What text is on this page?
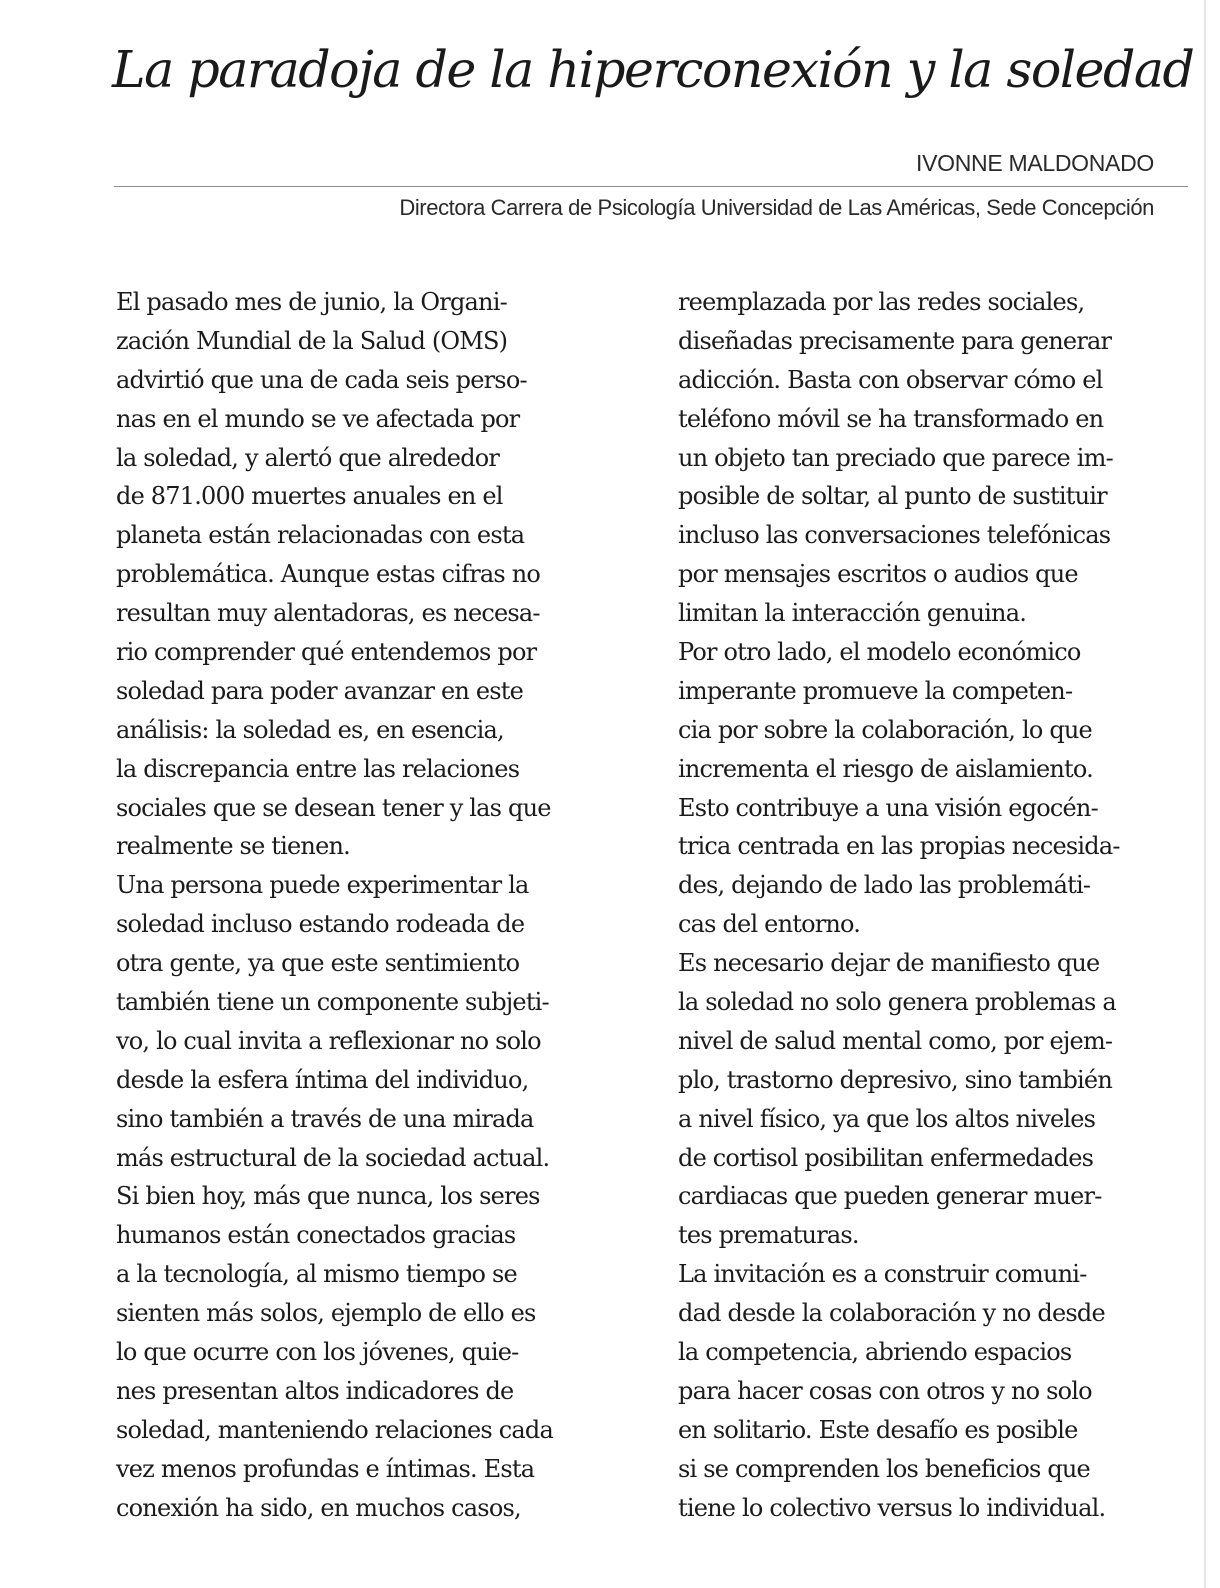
La paradoja de la hiperconexión y la soledad

IVONNE MALDONADO

Directora Carrera de Psicología Universidad de Las Américas, Sede Concepción

El pasado mes de junio, la Organi-
zación Mundial de la Salud (OMS)
advirtió que una de cada seis perso-
nas en el mundo se ve afectada por
la soledad, y alertó que alrededor
de 871.000 muertes anuales en el
planeta están relacionadas con esta
problemática. Aunque estas cifras no
resultan muy alentadoras, es necesa-
rio comprender qué entendemos por
soledad para poder avanzar en este
análisis: la soledad es, en esencia,
la discrepancia entre las relaciones
sociales que se desean tener y las que
realmente se tienen.
Una persona puede experimentar la
soledad incluso estando rodeada de
otra gente, ya que este sentimiento
también tiene un componente subjeti-
vo, lo cual invita a reflexionar no solo
desde la esfera íntima del individuo,
sino también a través de una mirada
más estructural de la sociedad actual.
Si bien hoy, más que nunca, los seres
humanos están conectados gracias
a la tecnología, al mismo tiempo se
sienten más solos, ejemplo de ello es
lo que ocurre con los jóvenes, quie-
nes presentan altos indicadores de
soledad, manteniendo relaciones cada
vez menos profundas e íntimas. Esta
conexión ha sido, en muchos casos,
reemplazada por las redes sociales,
diseñadas precisamente para generar
adicción. Basta con observar cómo el
teléfono móvil se ha transformado en
un objeto tan preciado que parece im-
posible de soltar, al punto de sustituir
incluso las conversaciones telefónicas
por mensajes escritos o audios que
limitan la interacción genuina.
Por otro lado, el modelo económico
imperante promueve la competen-
cia por sobre la colaboración, lo que
incrementa el riesgo de aislamiento.
Esto contribuye a una visión egocén-
trica centrada en las propias necesida-
des, dejando de lado las problemáti-
cas del entorno.
Es necesario dejar de manifiesto que
la soledad no solo genera problemas a
nivel de salud mental como, por ejem-
plo, trastorno depresivo, sino también
a nivel físico, ya que los altos niveles
de cortisol posibilitan enfermedades
cardiacas que pueden generar muer-
tes prematuras.
La invitación es a construir comuni-
dad desde la colaboración y no desde
la competencia, abriendo espacios
para hacer cosas con otros y no solo
en solitario. Este desafío es posible
si se comprenden los beneficios que
tiene lo colectivo versus lo individual.
